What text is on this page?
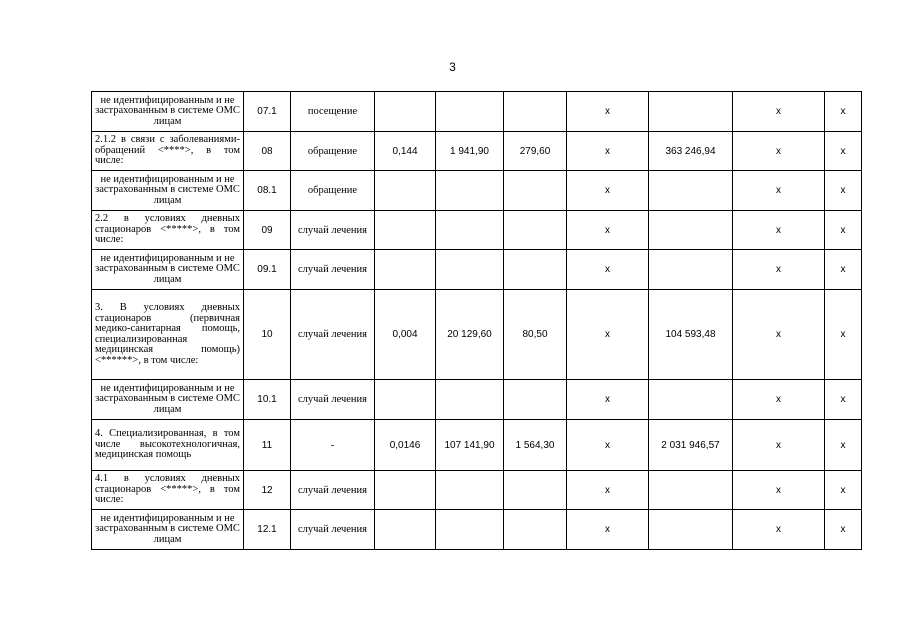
3
не идентифицированным и не застрахованным в системе ОМС лицам	07.1	посещение				х		х	х
2.1.2 в связи с заболеваниями-обращений <****>, в том числе:	08	обращение	0,144	1 941,90	279,60	х	363 246,94	х	х
не идентифицированным и не застрахованным в системе ОМС лицам	08.1	обращение				х		х	х
2.2 в условиях дневных стационаров <*****>, в том числе:	09	случай лечения				х		х	х
не идентифицированным и не застрахованным в системе ОМС лицам	09.1	случай лечения				х		х	х
3. В условиях дневных стационаров (первичная медико-санитарная помощь, специализированная медицинская помощь) <******>, в том числе:	10	случай лечения	0,004	20 129,60	80,50	х	104 593,48	х	х
не идентифицированным и не застрахованным в системе ОМС лицам	10.1	случай лечения				х		х	х
4. Специализированная, в том числе высокотехнологичная, медицинская помощь	11	-	0,0146	107 141,90	1 564,30	х	2 031 946,57	х	х
4.1 в условиях дневных стационаров <*****>, в том числе:	12	случай лечения				х		х	х
не идентифицированным и не застрахованным в системе ОМС лицам	12.1	случай лечения				х		х	х
